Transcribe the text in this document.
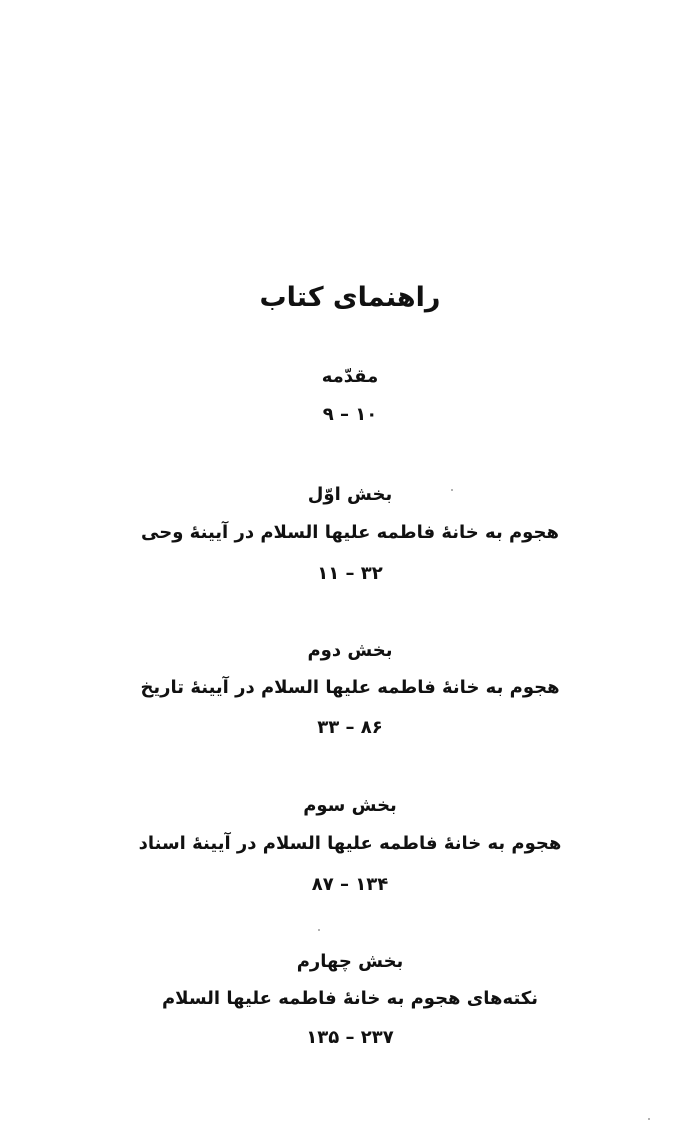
راهنمای کتاب
مقدّمه
۹ – ۱۰
بخش اوّل
هجوم به خانهٔ فاطمه علیها السلام در آیینهٔ وحی
۱۱ – ۳۲
بخش دوم
هجوم به خانهٔ فاطمه علیها السلام در آیینهٔ تاریخ
۳۳ – ۸۶
بخش سوم
هجوم به خانهٔ فاطمه علیها السلام در آیینهٔ اسناد
۸۷ – ۱۳۴
بخش چهارم
نکته‌های هجوم به خانهٔ فاطمه علیها السلام
۱۳۵ – ۲۳۷
